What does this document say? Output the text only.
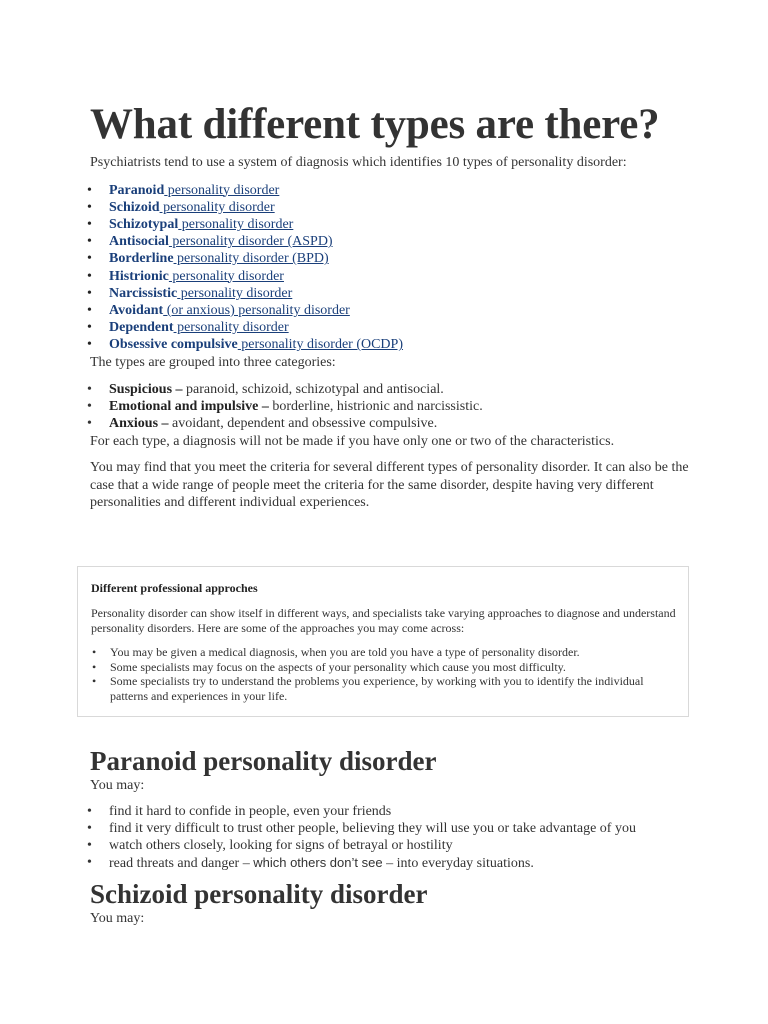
What different types are there?

Psychiatrists tend to use a system of diagnosis which identifies 10 types of personality disorder:

• Paranoid personality disorder
• Schizoid personality disorder
• Schizotypal personality disorder
• Antisocial personality disorder (ASPD)
• Borderline personality disorder (BPD)
• Histrionic personality disorder
• Narcissistic personality disorder
• Avoidant (or anxious) personality disorder
• Dependent personality disorder
• Obsessive compulsive personality disorder (OCDP)

The types are grouped into three categories:

• Suspicious – paranoid, schizoid, schizotypal and antisocial.
• Emotional and impulsive – borderline, histrionic and narcissistic.
• Anxious – avoidant, dependent and obsessive compulsive.

For each type, a diagnosis will not be made if you have only one or two of the characteristics.

You may find that you meet the criteria for several different types of personality disorder. It can also be the case that a wide range of people meet the criteria for the same disorder, despite having very different personalities and different individual experiences.

Different professional approches

Personality disorder can show itself in different ways, and specialists take varying approaches to diagnose and understand personality disorders. Here are some of the approaches you may come across:

• You may be given a medical diagnosis, when you are told you have a type of personality disorder.
• Some specialists may focus on the aspects of your personality which cause you most difficulty.
• Some specialists try to understand the problems you experience, by working with you to identify the individual patterns and experiences in your life.
Paranoid personality disorder

You may:

• find it hard to confide in people, even your friends
• find it very difficult to trust other people, believing they will use you or take advantage of you
• watch others closely, looking for signs of betrayal or hostility
• read threats and danger – which others don’t see – into everyday situations.
Schizoid personality disorder

You may:
